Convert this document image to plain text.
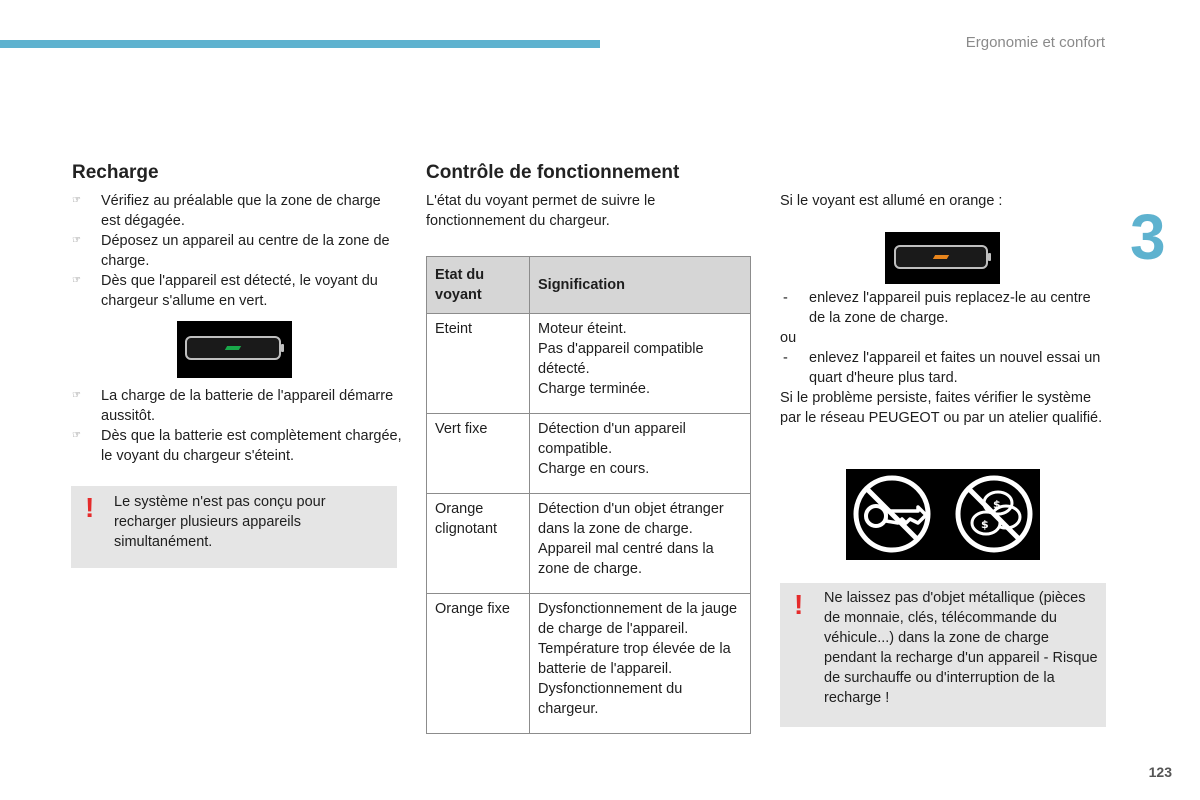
Ergonomie et confort
3
123
Recharge
☞ Vérifiez au préalable que la zone de charge est dégagée.
☞ Déposez un appareil au centre de la zone de charge.
☞ Dès que l'appareil est détecté, le voyant du chargeur s'allume en vert.
☞ La charge de la batterie de l'appareil démarre aussitôt.
☞ Dès que la batterie est complètement chargée, le voyant du chargeur s'éteint.
! Le système n'est pas conçu pour recharger plusieurs appareils simultanément.
Contrôle de fonctionnement
L'état du voyant permet de suivre le fonctionnement du chargeur.
Etat du
voyant	Signification
Eteint	Moteur éteint.
Pas d'appareil compatible détecté.
Charge terminée.
Vert fixe	Détection d'un appareil compatible.
Charge en cours.
Orange clignotant	Détection d'un objet étranger dans la zone de charge.
Appareil mal centré dans la zone de charge.
Orange fixe	Dysfonctionnement de la jauge de charge de l'appareil.
Température trop élevée de la batterie de l'appareil.
Dysfonctionnement du chargeur.
Si le voyant est allumé en orange :
- enlevez l'appareil puis replacez-le au centre de la zone de charge.
ou
- enlevez l'appareil et faites un nouvel essai un quart d'heure plus tard.
Si le problème persiste, faites vérifier le système par le réseau PEUGEOT ou par un atelier qualifié.
$
$
! Ne laissez pas d'objet métallique (pièces de monnaie, clés, télécommande du véhicule...) dans la zone de charge pendant la recharge d'un appareil - Risque de surchauffe ou d'interruption de la recharge !
